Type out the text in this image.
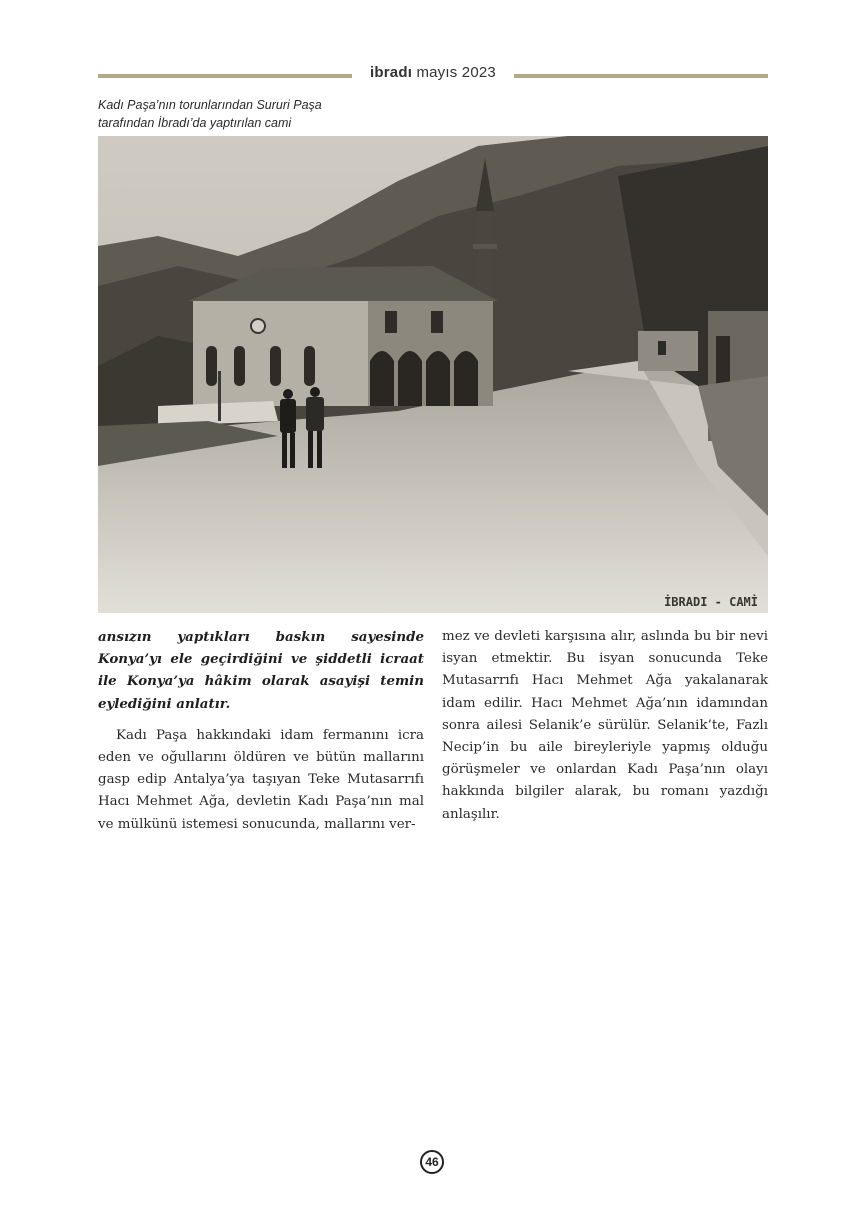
ibradı mayıs 2023
Kadı Paşa’nın torunlarından Sururi Paşa
tarafından İbradı’da yaptırılan cami
İBRADI - CAMİ

ansızın yaptıkları baskın sayesinde Konya’yı ele geçirdiğini ve şiddetli icraat ile Konya’ya hâkim olarak asayişi temin eylediğini anlatır.

Kadı Paşa hakkındaki idam fermanını icra eden ve oğullarını öldüren ve bütün mallarını gasp edip Antalya’ya taşıyan Teke Mutasarrıfı Hacı Mehmet Ağa, devletin Kadı Paşa’nın mal ve mülkünü istemesi sonucunda, mallarını ver-

mez ve devleti karşısına alır, aslında bu bir nevi isyan etmektir. Bu isyan sonucunda Teke Mutasarrıfı Hacı Mehmet Ağa yakalanarak idam edilir. Hacı Mehmet Ağa’nın idamından sonra ailesi Selanik’e sürülür. Selanik’te, Fazlı Necip’in bu aile bireyleriyle yapmış olduğu görüşmeler ve onlardan Kadı Paşa’nın olayı hakkında bilgiler alarak, bu romanı yazdığı anlaşılır.

46
